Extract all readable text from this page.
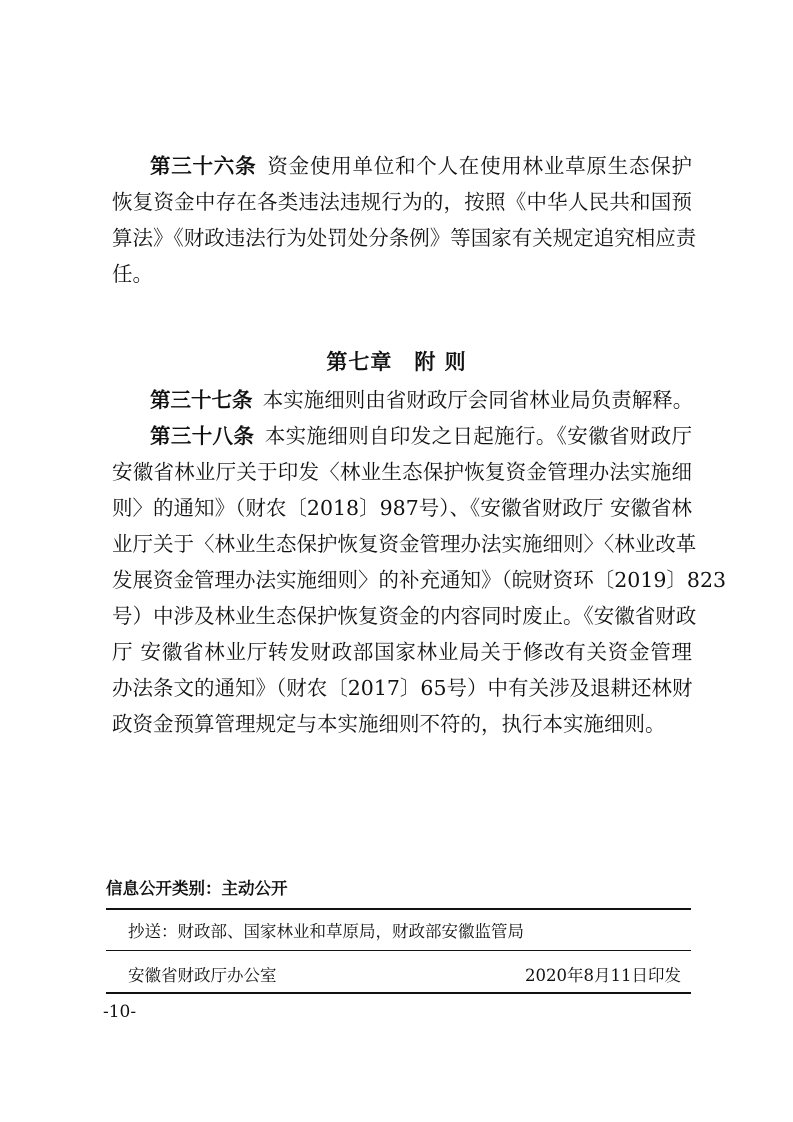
第三十六条  资金使用单位和个人在使用林业草原生态保护
恢复资金中存在各类违法违规行为的，按照《中华人民共和国预
算法》《财政违法行为处罚处分条例》等国家有关规定追究相应责
任。
第七章　附 则
第三十七条  本实施细则由省财政厅会同省林业局负责解释。
第三十八条  本实施细则自印发之日起施行。《安徽省财政厅
安徽省林业厅关于印发〈林业生态保护恢复资金管理办法实施细
则〉的通知》（财农〔2018〕987号）、《安徽省财政厅 安徽省林
业厅关于〈林业生态保护恢复资金管理办法实施细则〉〈林业改革
发展资金管理办法实施细则〉的补充通知》（皖财资环〔2019〕823
号）中涉及林业生态保护恢复资金的内容同时废止。《安徽省财政
厅 安徽省林业厅转发财政部国家林业局关于修改有关资金管理
办法条文的通知》（财农〔2017〕65号）中有关涉及退耕还林财
政资金预算管理规定与本实施细则不符的，执行本实施细则。
信息公开类别：主动公开
抄送：财政部、国家林业和草原局，财政部安徽监管局
安徽省财政厅办公室	2020年8月11日印发
-10-
